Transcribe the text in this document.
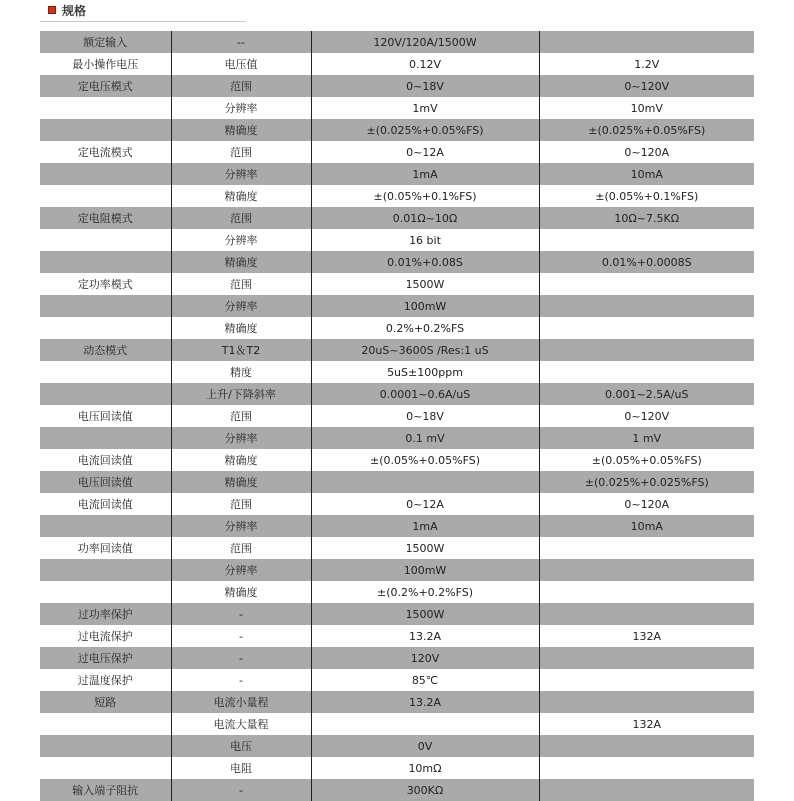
规格
额定输入	--	120V/120A/1500W	
最小操作电压	电压值	0.12V	1.2V
定电压模式	范围	0~18V	0~120V
	分辨率	1mV	10mV
	精确度	±(0.025%+0.05%FS)	±(0.025%+0.05%FS)
定电流模式	范围	0~12A	0~120A
	分辨率	1mA	10mA
	精确度	±(0.05%+0.1%FS)	±(0.05%+0.1%FS)
定电阻模式	范围	0.01Ω~10Ω	10Ω~7.5KΩ
	分辨率	16 bit	
	精确度	0.01%+0.08S	0.01%+0.0008S
定功率模式	范围	1500W	
	分辨率	100mW	
	精确度	0.2%+0.2%FS	
动态模式	T1＆T2	20uS~3600S /Res:1 uS	
	精度	5uS±100ppm	
	上升/下降斜率	0.0001~0.6A/uS	0.001~2.5A/uS
电压回读值	范围	0~18V	0~120V
	分辨率	0.1 mV	1 mV
电流回读值	精确度	±(0.05%+0.05%FS)	±(0.05%+0.05%FS)
电压回读值	精确度		±(0.025%+0.025%FS)
电流回读值	范围	0~12A	0~120A
	分辨率	1mA	10mA
功率回读值	范围	1500W	
	分辨率	100mW	
	精确度	±(0.2%+0.2%FS)	
过功率保护	-	1500W	
过电流保护	-	13.2A	132A
过电压保护	-	120V	
过温度保护	-	85℃	
短路	电流小量程	13.2A	
	电流大量程		132A
	电压	0V	
	电阻	10mΩ	
输入端子阻抗	-	300KΩ	
